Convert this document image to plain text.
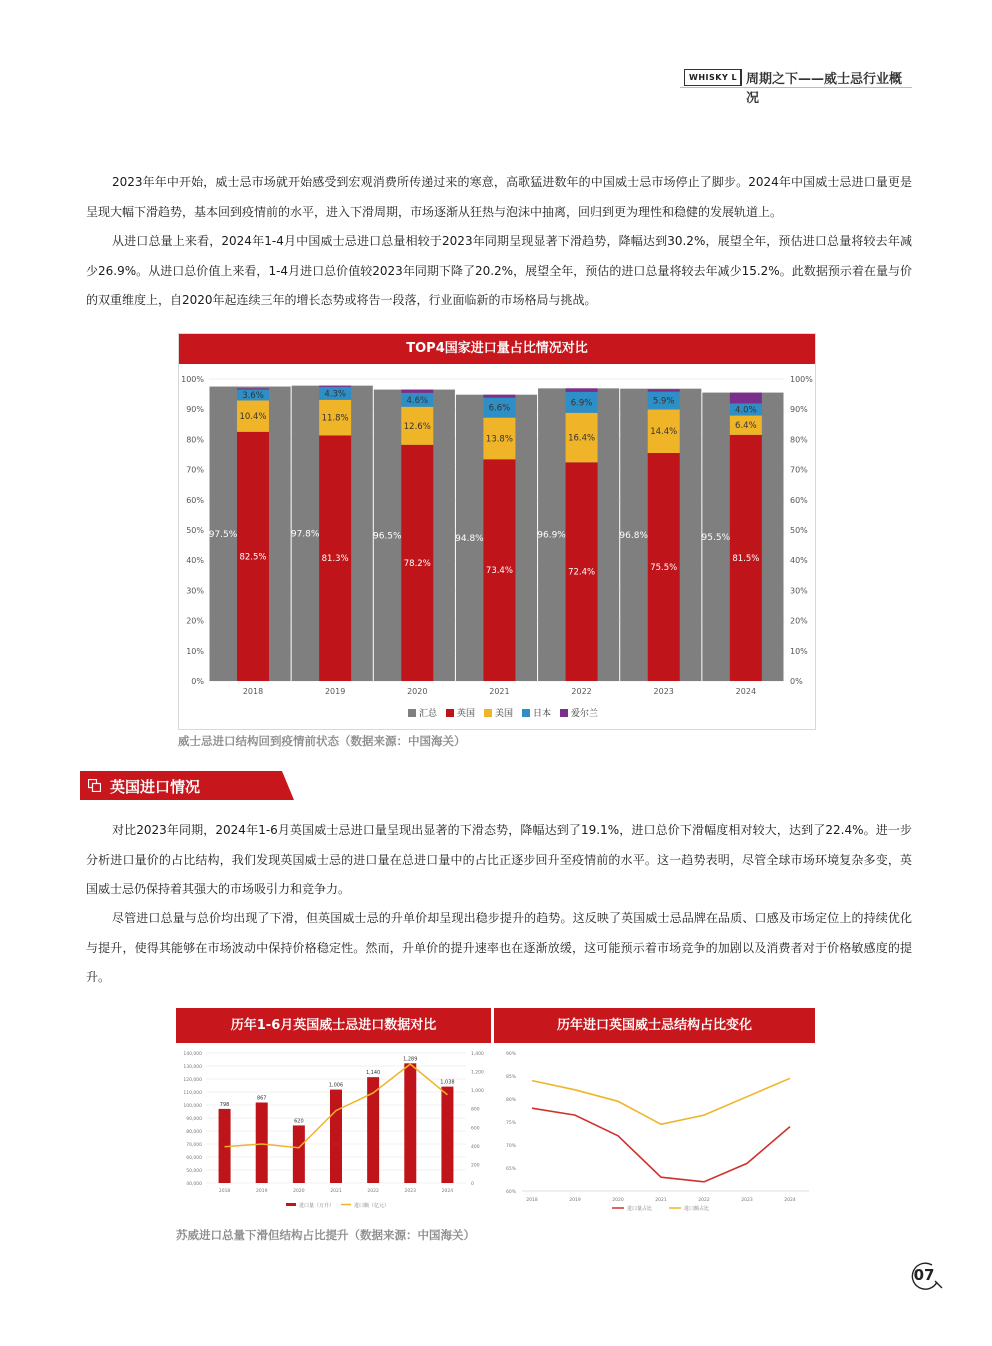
WHISKY L 周期之下——威士忌行业概况

2023年年中开始，威士忌市场就开始感受到宏观消费所传递过来的寒意，高歌猛进数年的中国威士忌市场停止了脚步。2024年中国威士忌进口量更是呈现大幅下滑趋势，基本回到疫情前的水平，进入下滑周期，市场逐渐从狂热与泡沫中抽离，回归到更为理性和稳健的发展轨道上。

从进口总量上来看，2024年1-4月中国威士忌进口总量相较于2023年同期呈现显著下滑趋势，降幅达到30.2%，展望全年，预估进口总量将较去年减少26.9%。从进口总价值上来看，1-4月进口总价值较2023年同期下降了20.2%，展望全年，预估的进口总量将较去年减少15.2%。此数据预示着在量与价的双重维度上，自2020年起连续三年的增长态势或将告一段落，行业面临新的市场格局与挑战。

TOP4国家进口量占比情况对比
100%	100%
90%	90%
80%	80%
70%	70%
60%	60%
50%	50%
40%	40%
30%	30%
20%	20%
10%	10%
0%	0%
97.5%
82.5%
10.4%
3.6%
2018
97.8%
81.3%
11.8%
4.3%
2019
96.5%
78.2%
12.6%
4.6%
2020
94.8%
73.4%
13.8%
6.6%
2021
96.9%
72.4%
16.4%
6.9%
2022
96.8%
75.5%
14.4%
5.9%
2023
95.5%
81.5%
6.4%
4.0%
2024
汇总 英国 美国 日本 爱尔兰
威士忌进口结构回到疫情前状态（数据来源：中国海关）
英国进口情况

对比2023年同期，2024年1-6月英国威士忌进口量呈现出显著的下滑态势，降幅达到了19.1%，进口总价下滑幅度相对较大，达到了22.4%。进一步分析进口量价的占比结构，我们发现英国威士忌的进口量在总进口量中的占比正逐步回升至疫情前的水平。这一趋势表明，尽管全球市场环境复杂多变，英国威士忌仍保持着其强大的市场吸引力和竞争力。

尽管进口总量与总价均出现了下滑，但英国威士忌的升单价却呈现出稳步提升的趋势。这反映了英国威士忌品牌在品质、口感及市场定位上的持续优化与提升，使得其能够在市场波动中保持价格稳定性。然而，升单价的提升速率也在逐渐放缓，这可能预示着市场竞争的加剧以及消费者对于价格敏感度的提升。

历年1-6月英国威士忌进口数据对比
140,000
130,000
120,000
110,000
100,000
90,000
80,000
70,000
60,000
50,000
40,000
1,400
1,200
1,000
800
600
400
200
0
798
2018
867
2019
620
2020
1,006
2021
1,140
2022
1,289
2023
1,038
2024
进口量（万升）	进口额（亿元）
历年进口英国威士忌结构占比变化
90%
85%
80%
75%
70%
65%
60%
2018	2019	2020	2021	2022	2023	2024
进口量占比	进口额占比
苏威进口总量下滑但结构占比提升（数据来源：中国海关）
07
